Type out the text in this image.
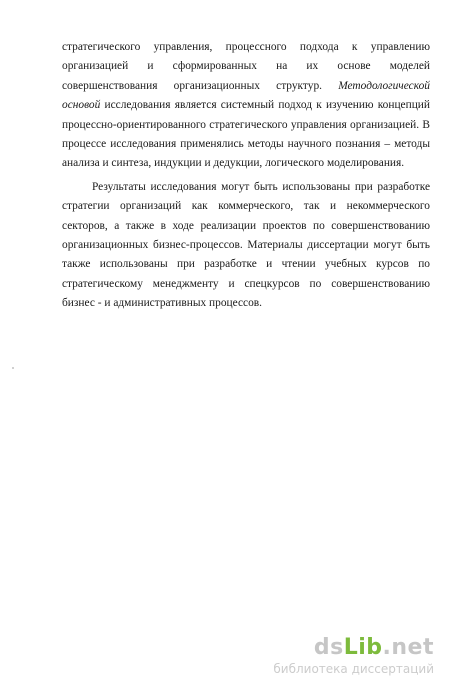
стратегического управления, процессного подхода к управлению организацией и сформированных на их основе моделей совершенствования организационных структур. Методологической основой исследования является системный подход к изучению концепций процессно-ориентированного стратегического управления организацией. В процессе исследования применялись методы научного познания – методы анализа и синтеза, индукции и дедукции, логического моделирования.

Результаты исследования могут быть использованы при разработке стратегии организаций как коммерческого, так и некоммерческого секторов, а также в ходе реализации проектов по совершенствованию организационных бизнес-процессов. Материалы диссертации могут быть также использованы при разработке и чтении учебных курсов по стратегическому менеджменту и спецкурсов по совершенствованию бизнес - и административных процессов.

dsLib.net
библиотека диссертаций
